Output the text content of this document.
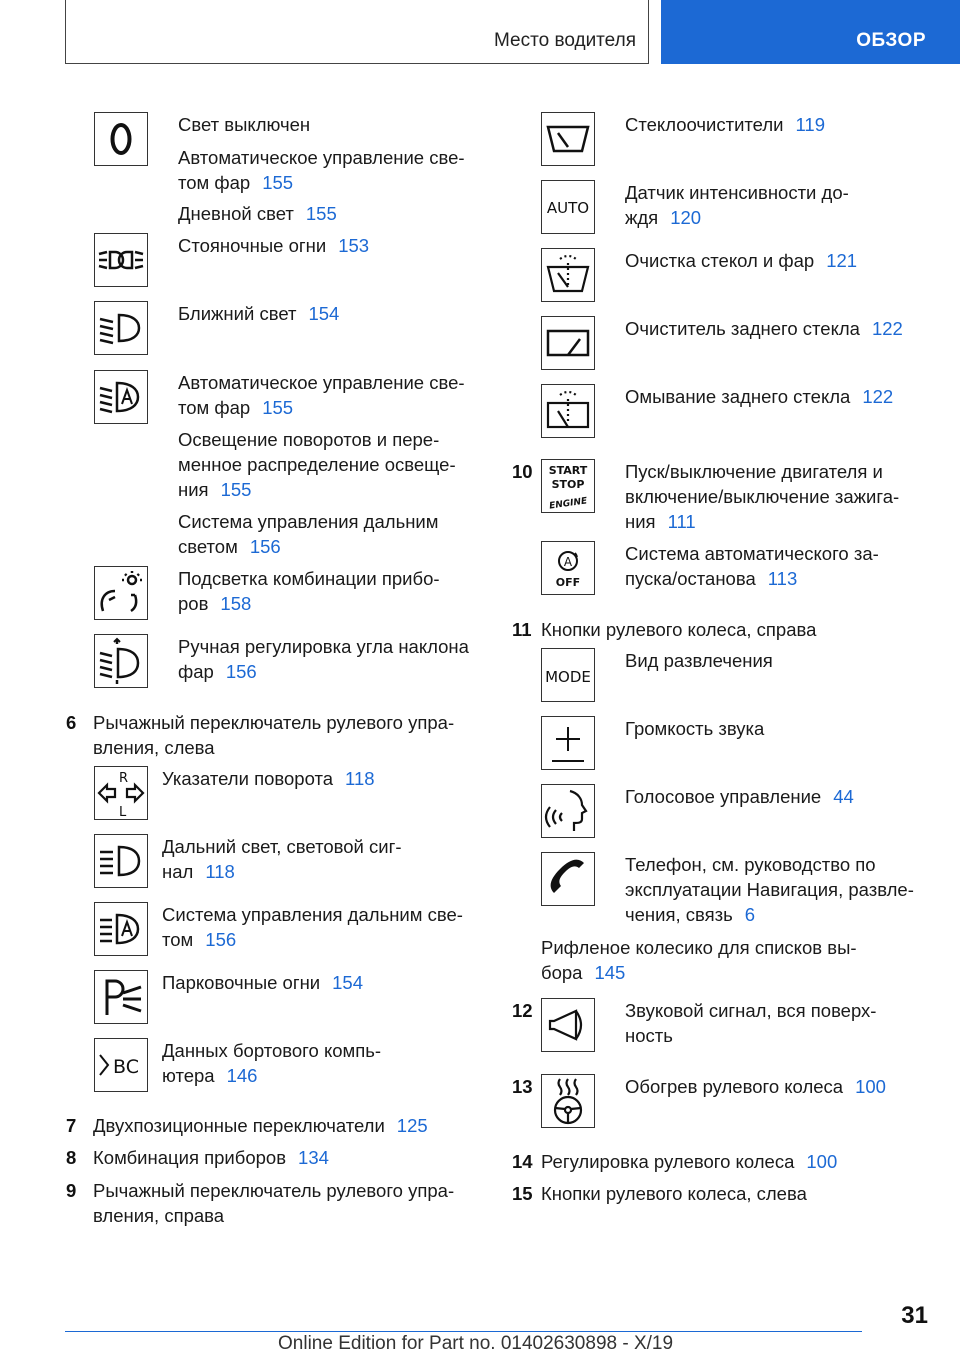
Место водителя	ОБЗОР
Свет выключен
Автоматическое управление све-
том фар 155
Дневной свет 155
Стояночные огни 153
Ближний свет 154
Автоматическое управление све-
том фар 155
Освещение поворотов и пере-
менное распределение освеще-
ния 155
Система управления дальним
светом 156
Подсветка комбинации прибо-
ров 158
Ручная регулировка угла наклона
фар 156
6 Рычажный переключатель рулевого упра-
вления, слева
R
L
Указатели поворота 118
Дальний свет, световой сиг-
нал 118
Система управления дальним све-
том 156
Парковочные огни 154
BC
Данных бортового компь-
ютера 146
7 Двухпозиционные переключатели 125
8 Комбинация приборов 134
9 Рычажный переключатель рулевого упра-
вления, справа
Стеклоочистители 119
AUTO
Датчик интенсивности до-
ждя 120
Очистка стекол и фар 121
Очиститель заднего стекла 122
Омывание заднего стекла 122
10 START
STOP
ENGINE
Пуск/выключение двигателя и
включение/выключение зажига-
ния 111
A
OFF
Система автоматического за-
пуска/останова 113
11 Кнопки рулевого колеса, справа
MODE
Вид развлечения
Громкость звука
Голосовое управление 44
Телефон, см. руководство по
эксплуатации Навигация, развле-
чения, связь 6
Рифленое колесико для списков вы-
бора 145
12	Звуковой сигнал, вся поверх-
ность
13	Обогрев рулевого колеса 100
14 Регулировка рулевого колеса 100
15 Кнопки рулевого колеса, слева
31
Online Edition for Part no. 01402630898 - X/19
